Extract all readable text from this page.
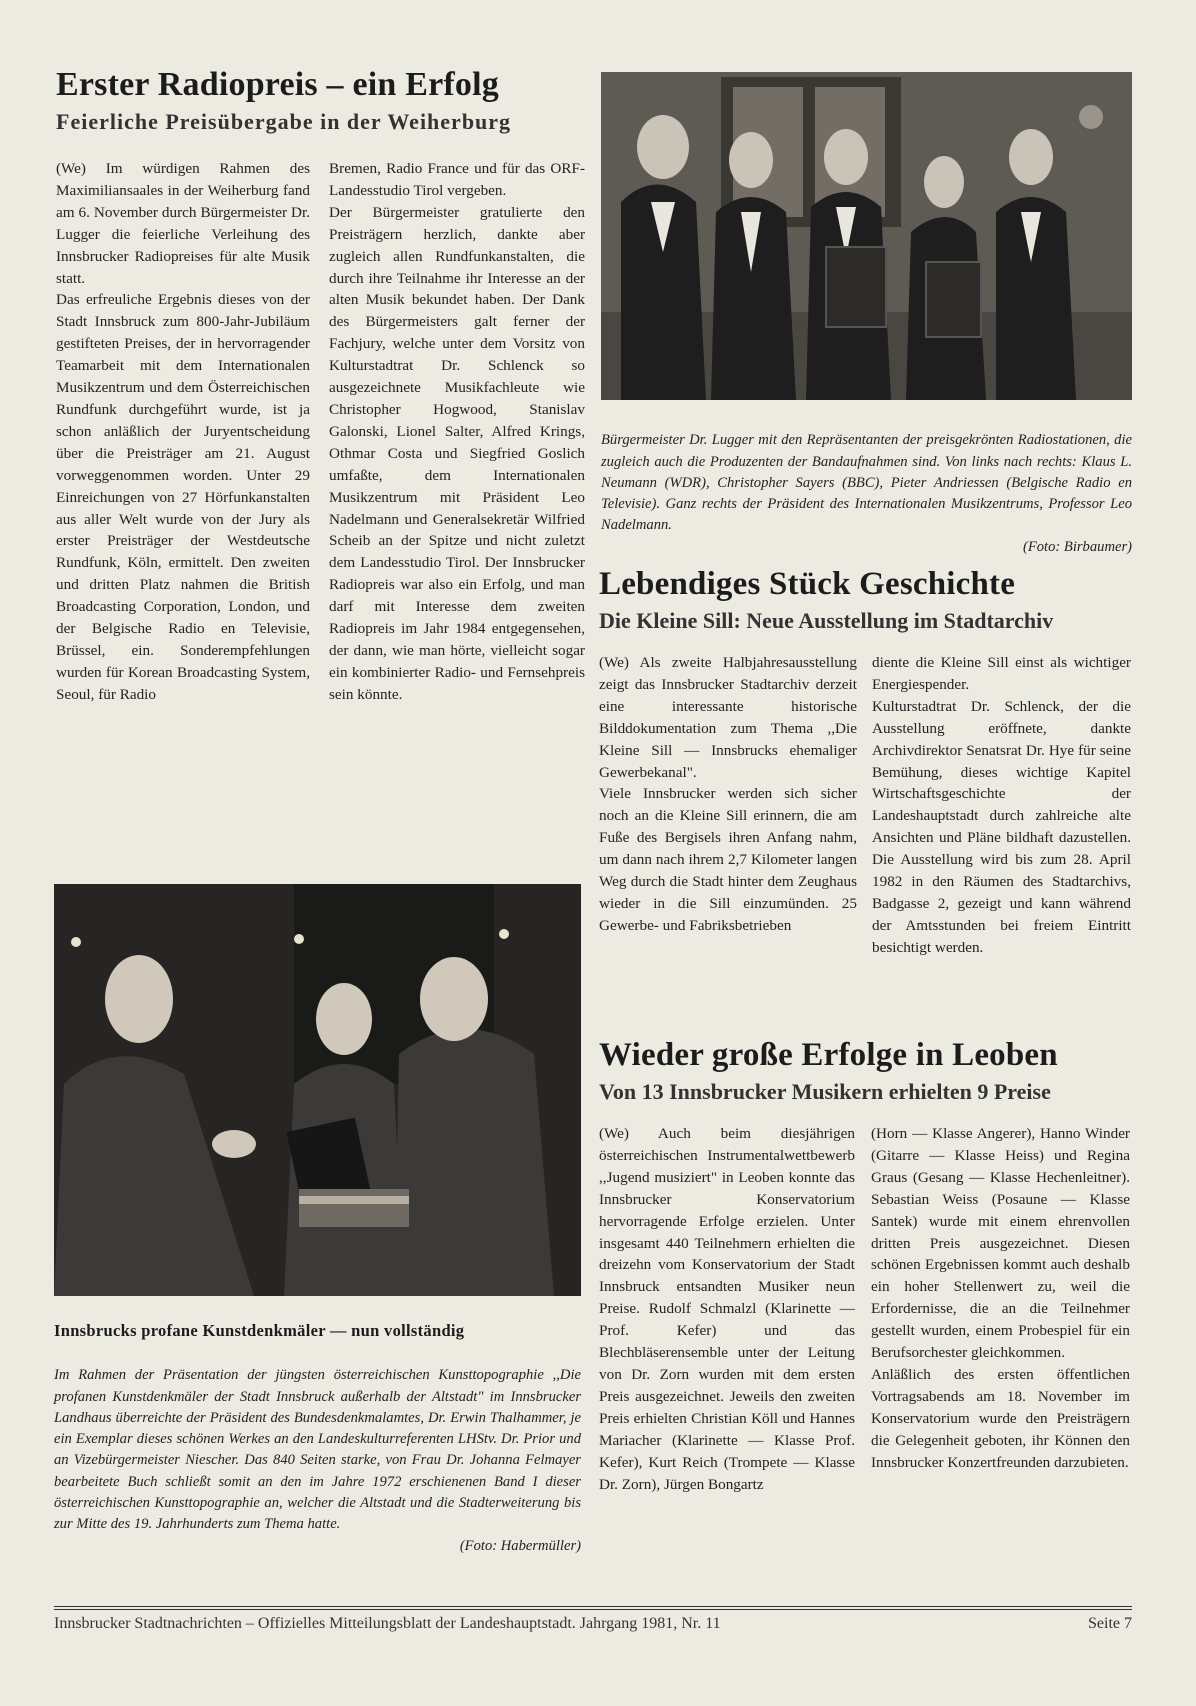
Erster Radiopreis – ein Erfolg
Feierliche Preisübergabe in der Weiherburg

(We) Im würdigen Rahmen des Maximiliansaales in der Weiherburg fand am 6. November durch Bürgermeister Dr. Lugger die feierliche Verleihung des Innsbrucker Radiopreises für alte Musik statt.
Das erfreuliche Ergebnis dieses von der Stadt Innsbruck zum 800-Jahr-Jubiläum gestifteten Preises, der in hervorragender Teamarbeit mit dem Internationalen Musikzentrum und dem Österreichischen Rundfunk durchgeführt wurde, ist ja schon anläßlich der Juryentscheidung über die Preisträger am 21. August vorweggenommen worden. Unter 29 Einreichungen von 27 Hörfunkanstalten aus aller Welt wurde von der Jury als erster Preisträger der Westdeutsche Rundfunk, Köln, ermittelt. Den zweiten und dritten Platz nahmen die British Broadcasting Corporation, London, und der Belgische Radio en Televisie, Brüssel, ein. Sonderempfehlungen wurden für Korean Broadcasting System, Seoul, für Radio

Bremen, Radio France und für das ORF-Landesstudio Tirol vergeben.
Der Bürgermeister gratulierte den Preisträgern herzlich, dankte aber zugleich allen Rundfunkanstalten, die durch ihre Teilnahme ihr Interesse an der alten Musik bekundet haben. Der Dank des Bürgermeisters galt ferner der Fachjury, welche unter dem Vorsitz von Kulturstadtrat Dr. Schlenck so ausgezeichnete Musikfachleute wie Christopher Hogwood, Stanislav Galonski, Lionel Salter, Alfred Krings, Othmar Costa und Siegfried Goslich umfaßte, dem Internationalen Musikzentrum mit Präsident Leo Nadelmann und Generalsekretär Wilfried Scheib an der Spitze und nicht zuletzt dem Landesstudio Tirol. Der Innsbrucker Radiopreis war also ein Erfolg, und man darf mit Interesse dem zweiten Radiopreis im Jahr 1984 entgegensehen, der dann, wie man hörte, vielleicht sogar ein kombinierter Radio- und Fernsehpreis sein könnte.

Bürgermeister Dr. Lugger mit den Repräsentanten der preisgekrönten Radiostationen, die zugleich auch die Produzenten der Bandaufnahmen sind. Von links nach rechts: Klaus L. Neumann (WDR), Christopher Sayers (BBC), Pieter Andriessen (Belgische Radio en Televisie). Ganz rechts der Präsident des Internationalen Musikzentrums, Professor Leo Nadelmann.

(Foto: Birbaumer)

Lebendiges Stück Geschichte
Die Kleine Sill: Neue Ausstellung im Stadtarchiv

(We) Als zweite Halbjahresausstellung zeigt das Innsbrucker Stadtarchiv derzeit eine interessante historische Bilddokumentation zum Thema ,,Die Kleine Sill — Innsbrucks ehemaliger Gewerbekanal".
Viele Innsbrucker werden sich sicher noch an die Kleine Sill erinnern, die am Fuße des Bergisels ihren Anfang nahm, um dann nach ihrem 2,7 Kilometer langen Weg durch die Stadt hinter dem Zeughaus wieder in die Sill einzumünden. 25 Gewerbe- und Fabriksbetrieben

diente die Kleine Sill einst als wichtiger Energiespender.
Kulturstadtrat Dr. Schlenck, der die Ausstellung eröffnete, dankte Archivdirektor Senatsrat Dr. Hye für seine Bemühung, dieses wichtige Kapitel Wirtschaftsgeschichte der Landeshauptstadt durch zahlreiche alte Ansichten und Pläne bildhaft dazustellen. Die Ausstellung wird bis zum 28. April 1982 in den Räumen des Stadtarchivs, Badgasse 2, gezeigt und kann während der Amtsstunden bei freiem Eintritt besichtigt werden.

Wieder große Erfolge in Leoben
Von 13 Innsbrucker Musikern erhielten 9 Preise

(We) Auch beim diesjährigen österreichischen Instrumentalwettbewerb ,,Jugend musiziert" in Leoben konnte das Innsbrucker Konservatorium hervorragende Erfolge erzielen. Unter insgesamt 440 Teilnehmern erhielten die dreizehn vom Konservatorium der Stadt Innsbruck entsandten Musiker neun Preise. Rudolf Schmalzl (Klarinette — Prof. Kefer) und das Blechbläserensemble unter der Leitung von Dr. Zorn wurden mit dem ersten Preis ausgezeichnet. Jeweils den zweiten Preis erhielten Christian Köll und Hannes Mariacher (Klarinette — Klasse Prof. Kefer), Kurt Reich (Trompete — Klasse Dr. Zorn), Jürgen Bongartz

(Horn — Klasse Angerer), Hanno Winder (Gitarre — Klasse Heiss) und Regina Graus (Gesang — Klasse Hechenleitner). Sebastian Weiss (Posaune — Klasse Santek) wurde mit einem ehrenvollen dritten Preis ausgezeichnet. Diesen schönen Ergebnissen kommt auch deshalb ein hoher Stellenwert zu, weil die Erfordernisse, die an die Teilnehmer gestellt wurden, einem Probespiel für ein Berufsorchester gleichkommen.
Anläßlich des ersten öffentlichen Vortragsabends am 18. November im Konservatorium wurde den Preisträgern die Gelegenheit geboten, ihr Können den Innsbrucker Konzertfreunden darzubieten.

Innsbrucks profane Kunstdenkmäler — nun vollständig

Im Rahmen der Präsentation der jüngsten österreichischen Kunsttopographie ,,Die profanen Kunstdenkmäler der Stadt Innsbruck außerhalb der Altstadt" im Innsbrucker Landhaus überreichte der Präsident des Bundesdenkmalamtes, Dr. Erwin Thalhammer, je ein Exemplar dieses schönen Werkes an den Landeskulturreferenten LHStv. Dr. Prior und an Vizebürgermeister Niescher. Das 840 Seiten starke, von Frau Dr. Johanna Felmayer bearbeitete Buch schließt somit an den im Jahre 1972 erschienenen Band I dieser österreichischen Kunsttopographie an, welcher die Altstadt und die Stadterweiterung bis zur Mitte des 19. Jahrhunderts zum Thema hatte.

(Foto: Habermüller)

Innsbrucker Stadtnachrichten – Offizielles Mitteilungsblatt der Landeshauptstadt. Jahrgang 1981, Nr. 11	Seite 7
